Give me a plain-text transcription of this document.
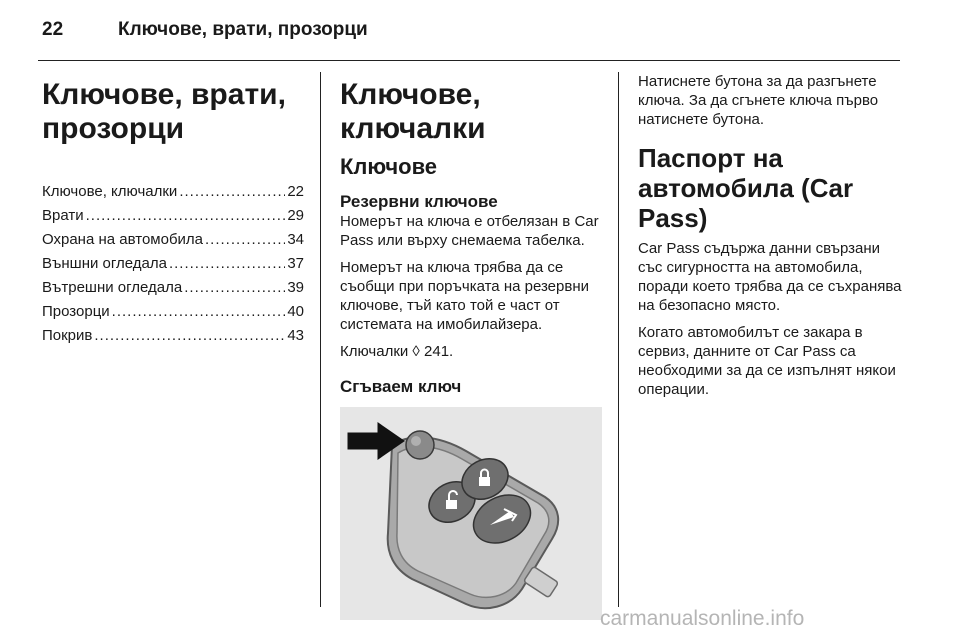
22	Ключове, врати, прозорци
Ключове, врати, прозорци
Ключове, ключалки .....	22
Врати .....	29
Охрана на автомобила .....	34
Външни огледала .....	37
Вътрешни огледала .....	39
Прозорци .....	40
Покрив .....	43
Ключове, ключалки
Ключове
Резервни ключове

Номерът на ключа е отбелязан в Car Pass или върху снемаема табелка.

Номерът на ключа трябва да се съобщи при поръчката на резервни ключове, тъй като той е част от системата на имобилайзера.

Ключалки ◊ 241.

Сгъваем ключ

Натиснете бутона за да разгънете ключа. За да сгънете ключа първо натиснете бутона.

Паспорт на автомобила (Car Pass)

Car Pass съдържа данни свързани със сигурността на автомобила, поради което трябва да се съхранява на безопасно място.

Когато автомобилът се закара в сервиз, данните от Car Pass са необходими за да се изпълнят някои операции.

carmanualsonline.info
